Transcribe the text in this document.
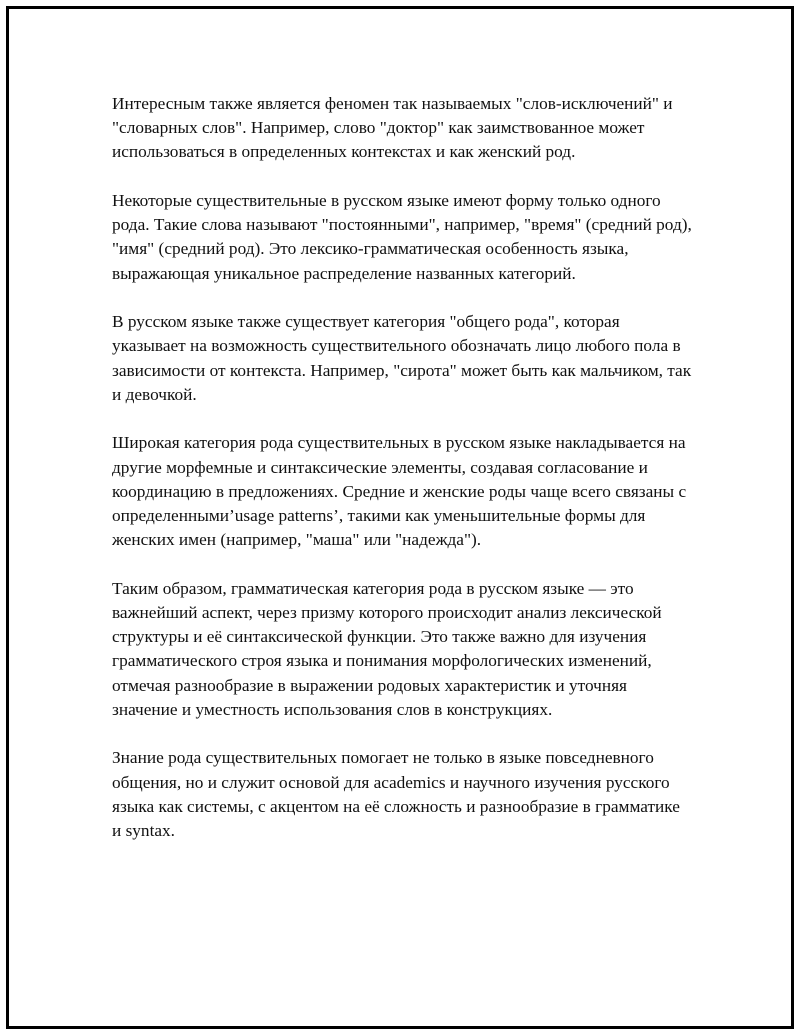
Интересным также является феномен так называемых "слов-исключений" и "словарных слов". Например, слово "доктор" как заимствованное может использоваться в определенных контекстах и как женский род.

Некоторые существительные в русском языке имеют форму только одного рода. Такие слова называют "постоянными", например, "время" (средний род), "имя" (средний род). Это лексико-грамматическая особенность языка, выражающая уникальное распределение названных категорий.

В русском языке также существует категория "общего рода", которая указывает на возможность существительного обозначать лицо любого пола в зависимости от контекста. Например, "сирота" может быть как мальчиком, так и девочкой.

Широкая категория рода существительных в русском языке накладывается на другие морфемные и синтаксические элементы, создавая согласование и координацию в предложениях. Средние и женские роды чаще всего связаны с определенными’usage patterns’, такими как уменьшительные формы для женских имен (например, "маша" или "надежда").

Таким образом, грамматическая категория рода в русском языке — это важнейший аспект, через призму которого происходит анализ лексической структуры и её синтаксической функции. Это также важно для изучения грамматического строя языка и понимания морфологических изменений, отмечая разнообразие в выражении родовых характеристик и уточняя значение и уместность использования слов в конструкциях.

Знание рода существительных помогает не только в языке повседневного общения, но и служит основой для academics и научного изучения русского языка как системы, с акцентом на её сложность и разнообразие в грамматике и syntax.
